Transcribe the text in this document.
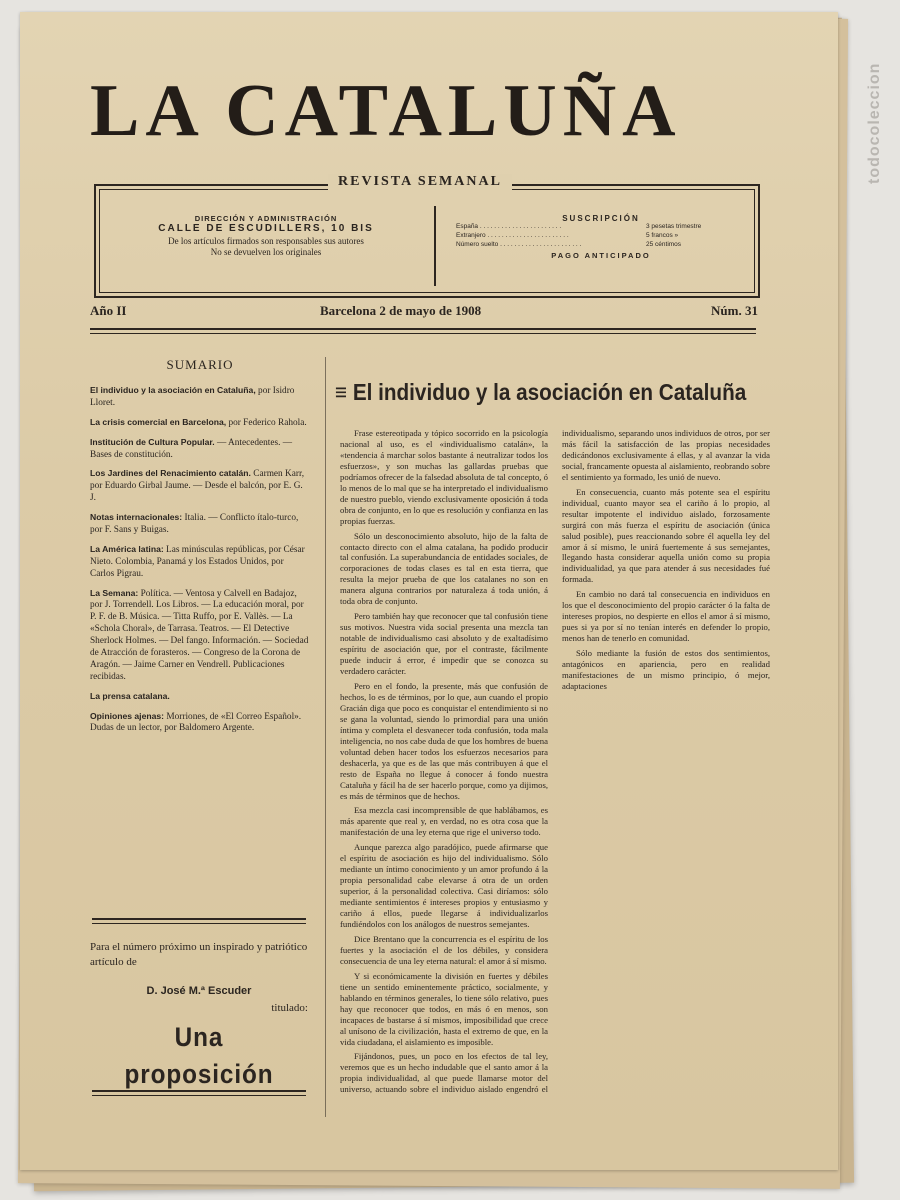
LA CATALUÑA
REVISTA SEMANAL
DIRECCIÓN Y ADMINISTRACIÓN
CALLE DE ESCUDILLERS, 10 BIS
De los artículos firmados son responsables sus autores
No se devuelven los originales
SUSCRIPCIÓN
España . . .	3 pesetas trimestre
Extranjero . . .	5 francos »
Número suelto . . .	25 céntimos
PAGO ANTICIPADO
Año II	Barcelona 2 de mayo de 1908	Núm. 31
SUMARIO
El individuo y la asociación en Cataluña, por Isidro Lloret.
La crisis comercial en Barcelona, por Federico Rahola.
Institución de Cultura Popular. — Antecedentes. — Bases de constitución.
Los Jardines del Renacimiento catalán. Carmen Karr, por Eduardo Girbal Jaume. — Desde el balcón, por E. G. J.
Notas internacionales: Italia. — Conflicto ítalo-turco, por F. Sans y Buigas.
La América latina: Las minúsculas repúblicas, por César Nieto. Colombia, Panamá y los Estados Unidos, por Carlos Pigrau.
La Semana: Política. — Ventosa y Calvell en Badajoz, por J. Torrendell. Los Libros. — La educación moral, por P. F. de B. Música. — Titta Ruffo, por E. Vallès. — La «Schola Choral», de Tarrasa. Teatros. — El Detective Sherlock Holmes. — Del fango. Información. — Sociedad de Atracción de forasteros. — Congreso de la Corona de Aragón. — Jaime Carner en Vendrell. Publicaciones recibidas.
La prensa catalana.
Opiniones ajenas: Morriones, de «El Correo Español». Dudas de un lector, por Baldomero Argente.
Para el número próximo un inspirado y patriótico artículo de
D. José M.ª Escuder
titulado:
Una proposición
≡ El individuo y la asociación en Cataluña

Frase estereotipada y tópico socorrido en la psicología nacional al uso, es el «individualismo catalán», la «tendencia á marchar solos bastante á neutralizar todos los esfuerzos», y son muchas las gallardas pruebas que podríamos ofrecer de la falsedad absoluta de tal concepto, ó lo menos de lo mal que se ha interpretado el individualismo de nuestro pueblo, viendo exclusivamente oposición á toda obra de conjunto, en lo que es resolución y confianza en las propias fuerzas.

Sólo un desconocimiento absoluto, hijo de la falta de contacto directo con el alma catalana, ha podido producir tal confusión. La superabundancia de entidades sociales, de corporaciones de todas clases es tal en esta tierra, que resulta la mejor prueba de que los catalanes no son en manera alguna contrarios por naturaleza á toda unión, á toda obra de conjunto.

Pero también hay que reconocer que tal confusión tiene sus motivos. Nuestra vida social presenta una mezcla tan notable de individualismo casi absoluto y de exaltadísimo espíritu de asociación que, por el contraste, fácilmente puede inducir á error, é impedir que se conozca su verdadero carácter.

Pero en el fondo, la presente, más que confusión de hechos, lo es de términos, por lo que, aun cuando el propio Gracián diga que poco es conquistar el entendimiento si no se gana la voluntad, siendo lo primordial para una unión íntima y completa el desvanecer toda confusión, toda mala inteligencia, no nos cabe duda de que los hombres de buena voluntad deben hacer todos los esfuerzos necesarios para deshacerla, ya que es de las que más contribuyen á que el resto de España no llegue á conocer á fondo nuestra Cataluña y fácil ha de ser hacerlo porque, como ya dijimos, es más de términos que de hechos.

Esa mezcla casi incomprensible de que hablábamos, es más aparente que real y, en verdad, no es otra cosa que la manifestación de una ley eterna que rige el universo todo.

Aunque parezca algo paradójico, puede afirmarse que el espíritu de asociación es hijo del individualismo. Sólo mediante un íntimo conocimiento y un amor profundo á la propia personalidad cabe elevarse á otra de un orden superior, á la personalidad colectiva. Casi diríamos: sólo mediante sentimientos é intereses propios y entusiasmo y cariño á ellos, puede llegarse á individualizarlos fundiéndolos con los análogos de nuestros semejantes.

Dice Brentano que la concurrencia es el espíritu de los fuertes y la asociación el de los débiles, y considera consecuencia de una ley eterna natural: el amor á sí mismo.

Y si económicamente la división en fuertes y débiles tiene un sentido eminentemente práctico, socialmente, y hablando en términos generales, lo tiene sólo relativo, pues hay que reconocer que todos, en más ó en menos, son incapaces de bastarse á sí mismos, imposibilidad que crece al unísono de la civilización, hasta el extremo de que, en la vida ciudadana, el aislamiento es imposible.

Fijándonos, pues, un poco en los efectos de tal ley, veremos que es un hecho indudable que el santo amor á la propia individualidad, al que puede llamarse motor del universo, actuando sobre el individuo aislado engendró el individualismo, separando unos individuos de otros, por ser más fácil la satisfacción de las propias necesidades dedicándonos exclusivamente á ellas, y al avanzar la vida social, francamente opuesta al aislamiento, reobrando sobre el sentimiento ya formado, les unió de nuevo.

En consecuencia, cuanto más potente sea el espíritu individual, cuanto mayor sea el cariño á lo propio, al resultar impotente el individuo aislado, forzosamente surgirá con más fuerza el espíritu de asociación (única salud posible), pues reaccionando sobre él aquella ley del amor á sí mismo, le unirá fuertemente á sus semejantes, llegando hasta considerar aquella unión como su propia individualidad, ya que para atender á sus necesidades fué formada.

En cambio no dará tal consecuencia en individuos en los que el desconocimiento del propio carácter ó la falta de intereses propios, no despierte en ellos el amor á sí mismo, pues si ya por sí no tenían interés en defender lo propio, menos han de tenerlo en comunidad.

Sólo mediante la fusión de estos dos sentimientos, antagónicos en apariencia, pero en realidad manifestaciones de un mismo principio, ó mejor, adaptaciones

todocoleccion
